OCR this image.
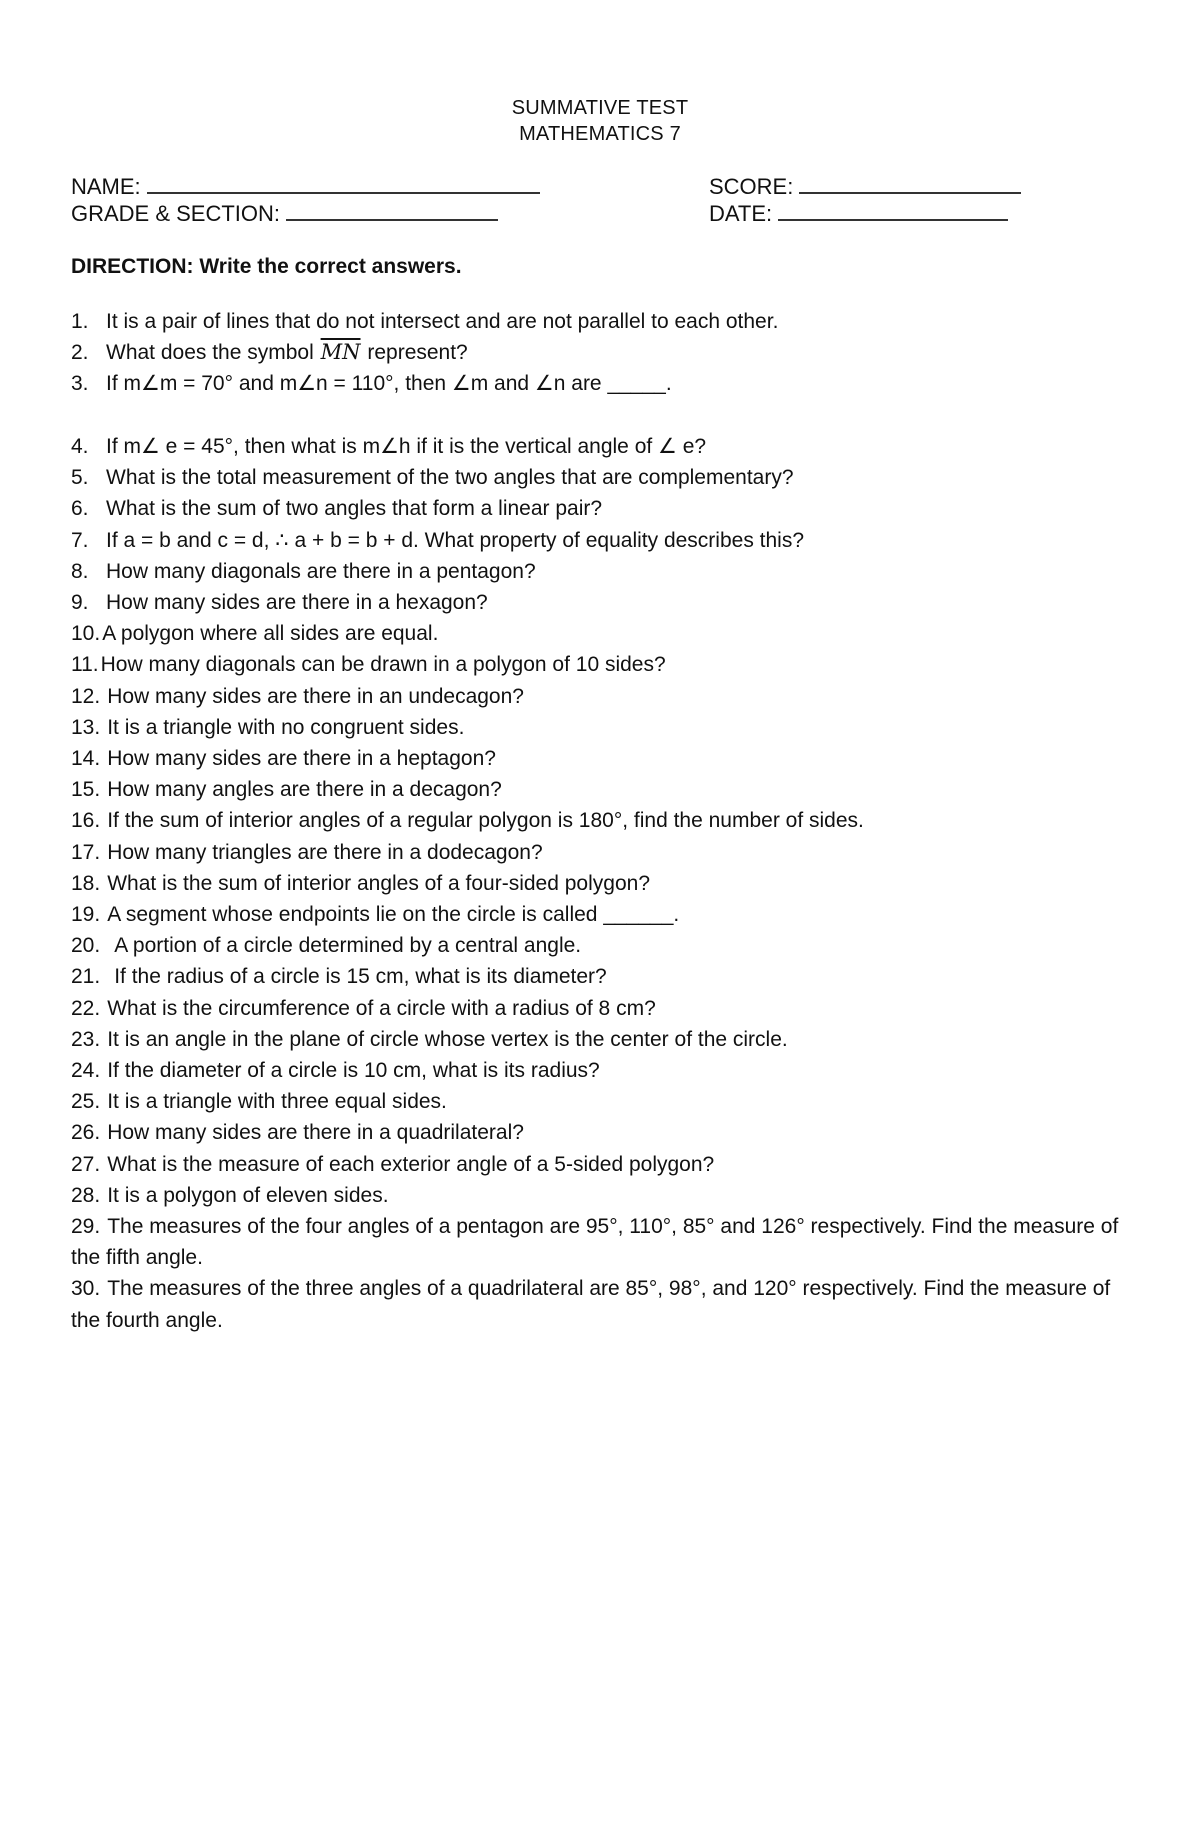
SUMMATIVE TEST
MATHEMATICS 7
NAME:
GRADE & SECTION:
SCORE:
DATE:
DIRECTION: Write the correct answers.
1. It is a pair of lines that do not intersect and are not parallel to each other.
2. What does the symbol $\overline{MN}$ represent?
3. If m∠m = 70° and m∠n = 110°, then ∠m and ∠n are _____.
4. If m∠ e = 45°, then what is m∠h if it is the vertical angle of ∠ e?
5. What is the total measurement of the two angles that are complementary?
6. What is the sum of two angles that form a linear pair?
7. If a = b and c = d, ∴ a + b = b + d. What property of equality describes this?
8. How many diagonals are there in a pentagon?
9. How many sides are there in a hexagon?
10.A polygon where all sides are equal.
11.How many diagonals can be drawn in a polygon of 10 sides?
12. How many sides are there in an undecagon?
13. It is a triangle with no congruent sides.
14. How many sides are there in a heptagon?
15. How many angles are there in a decagon?
16. If the sum of interior angles of a regular polygon is 180°, find the number of sides.
17. How many triangles are there in a dodecagon?
18. What is the sum of interior angles of a four-sided polygon?
19. A segment whose endpoints lie on the circle is called ______.
20. A portion of a circle determined by a central angle.
21. If the radius of a circle is 15 cm, what is its diameter?
22. What is the circumference of a circle with a radius of 8 cm?
23. It is an angle in the plane of circle whose vertex is the center of the circle.
24. If the diameter of a circle is 10 cm, what is its radius?
25. It is a triangle with three equal sides.
26. How many sides are there in a quadrilateral?
27. What is the measure of each exterior angle of a 5-sided polygon?
28. It is a polygon of eleven sides.
29. The measures of the four angles of a pentagon are 95°, 110°, 85° and 126° respectively. Find the measure of the fifth angle.
30. The measures of the three angles of a quadrilateral are 85°, 98°, and 120° respectively. Find the measure of the fourth angle.
